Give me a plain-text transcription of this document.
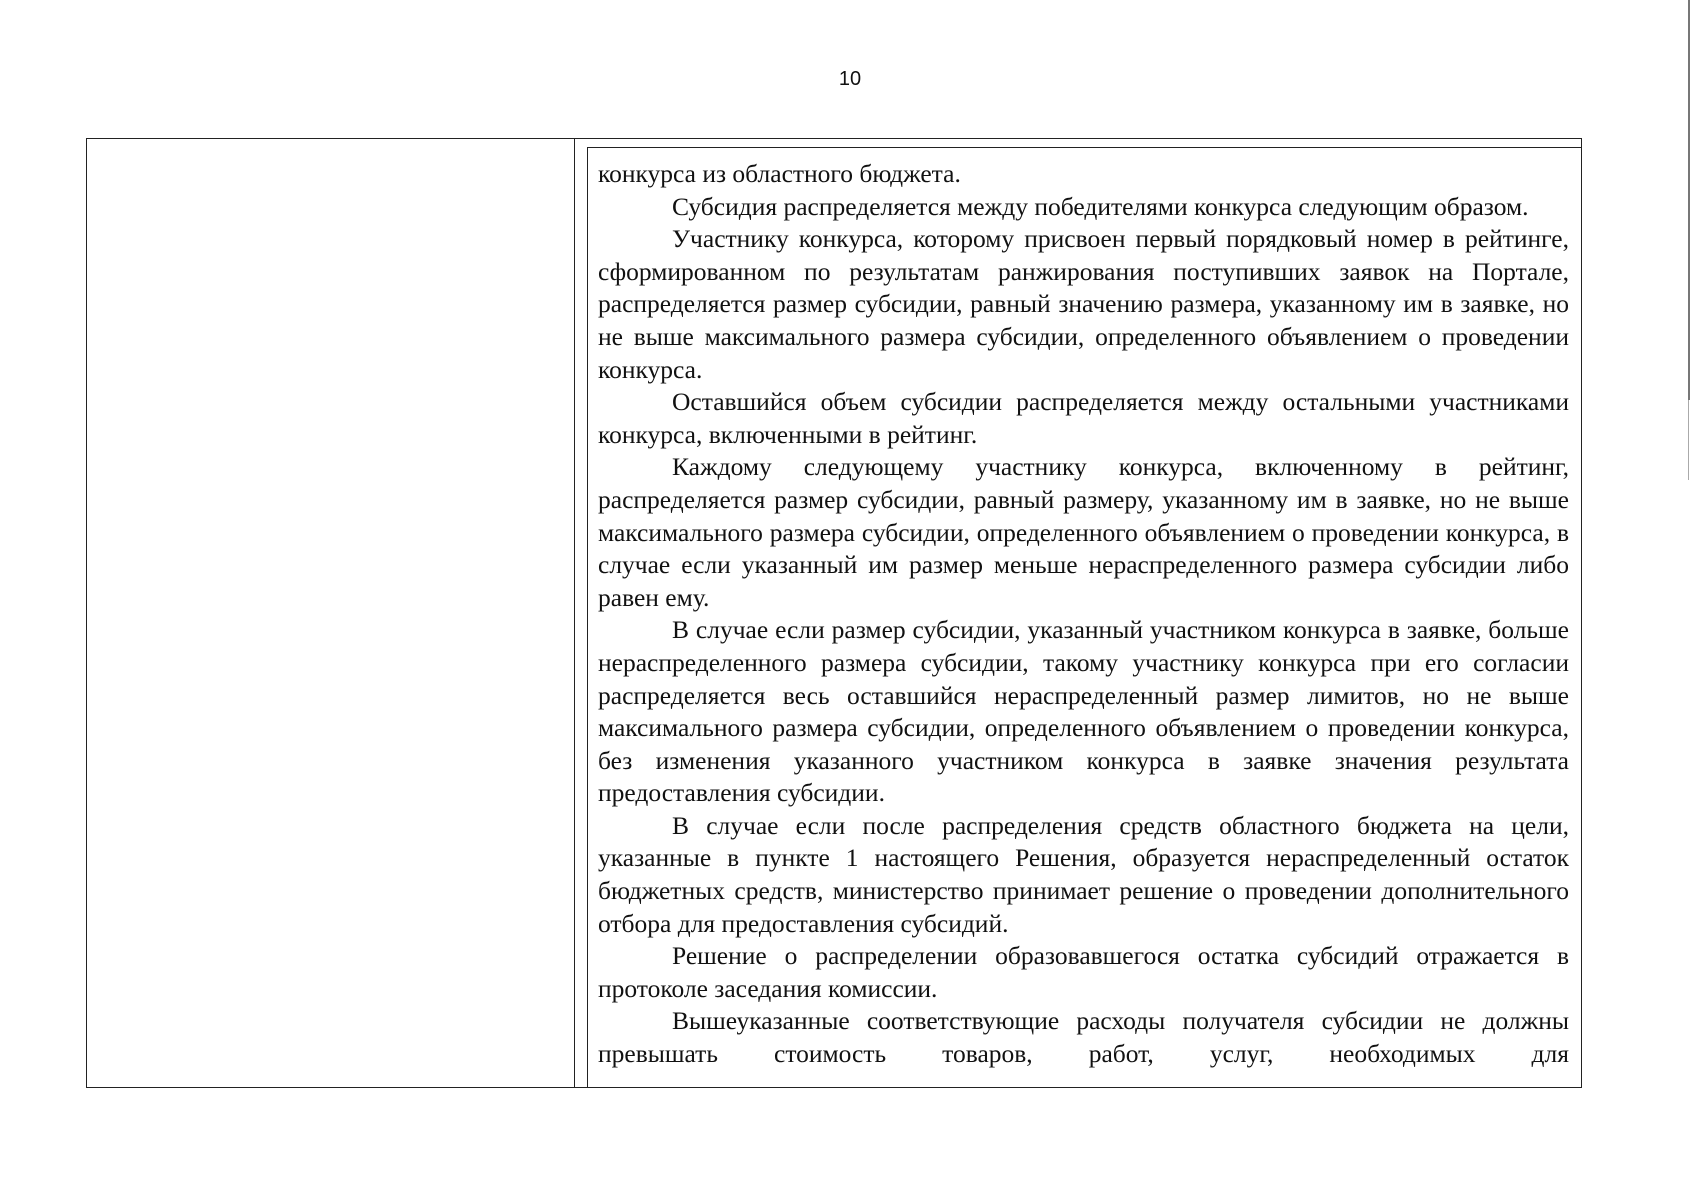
10

конкурса из областного бюджета.

Субсидия распределяется между победителями конкурса следующим образом.

Участнику конкурса, которому присвоен первый порядковый номер в рейтинге, сформированном по результатам ранжирования поступивших заявок на Портале, распределяется размер субсидии, равный значению размера, указанному им в заявке, но не выше максимального размера субсидии, определенного объявлением о проведении конкурса.

Оставшийся объем субсидии распределяется между остальными участниками конкурса, включенными в рейтинг.

Каждому следующему участнику конкурса, включенному в рейтинг, распределяется размер субсидии, равный размеру, указанному им в заявке, но не выше максимального размера субсидии, определенного объявлением о проведении конкурса, в случае если указанный им размер меньше нераспределенного размера субсидии либо равен ему.

В случае если размер субсидии, указанный участником конкурса в заявке, больше нераспределенного размера субсидии, такому участнику конкурса при его согласии распределяется весь оставшийся нераспределенный размер лимитов, но не выше максимального размера субсидии, определенного объявлением о проведении конкурса, без изменения указанного участником конкурса в заявке значения результата предоставления субсидии.

В случае если после распределения средств областного бюджета на цели, указанные в пункте 1 настоящего Решения, образуется нераспределенный остаток бюджетных средств, министерство принимает решение о проведении дополнительного отбора для предоставления субсидий.

Решение о распределении образовавшегося остатка субсидий отражается в протоколе заседания комиссии.

Вышеуказанные соответствующие расходы получателя субсидии не должны превышать стоимость товаров, работ, услуг, необходимых для
